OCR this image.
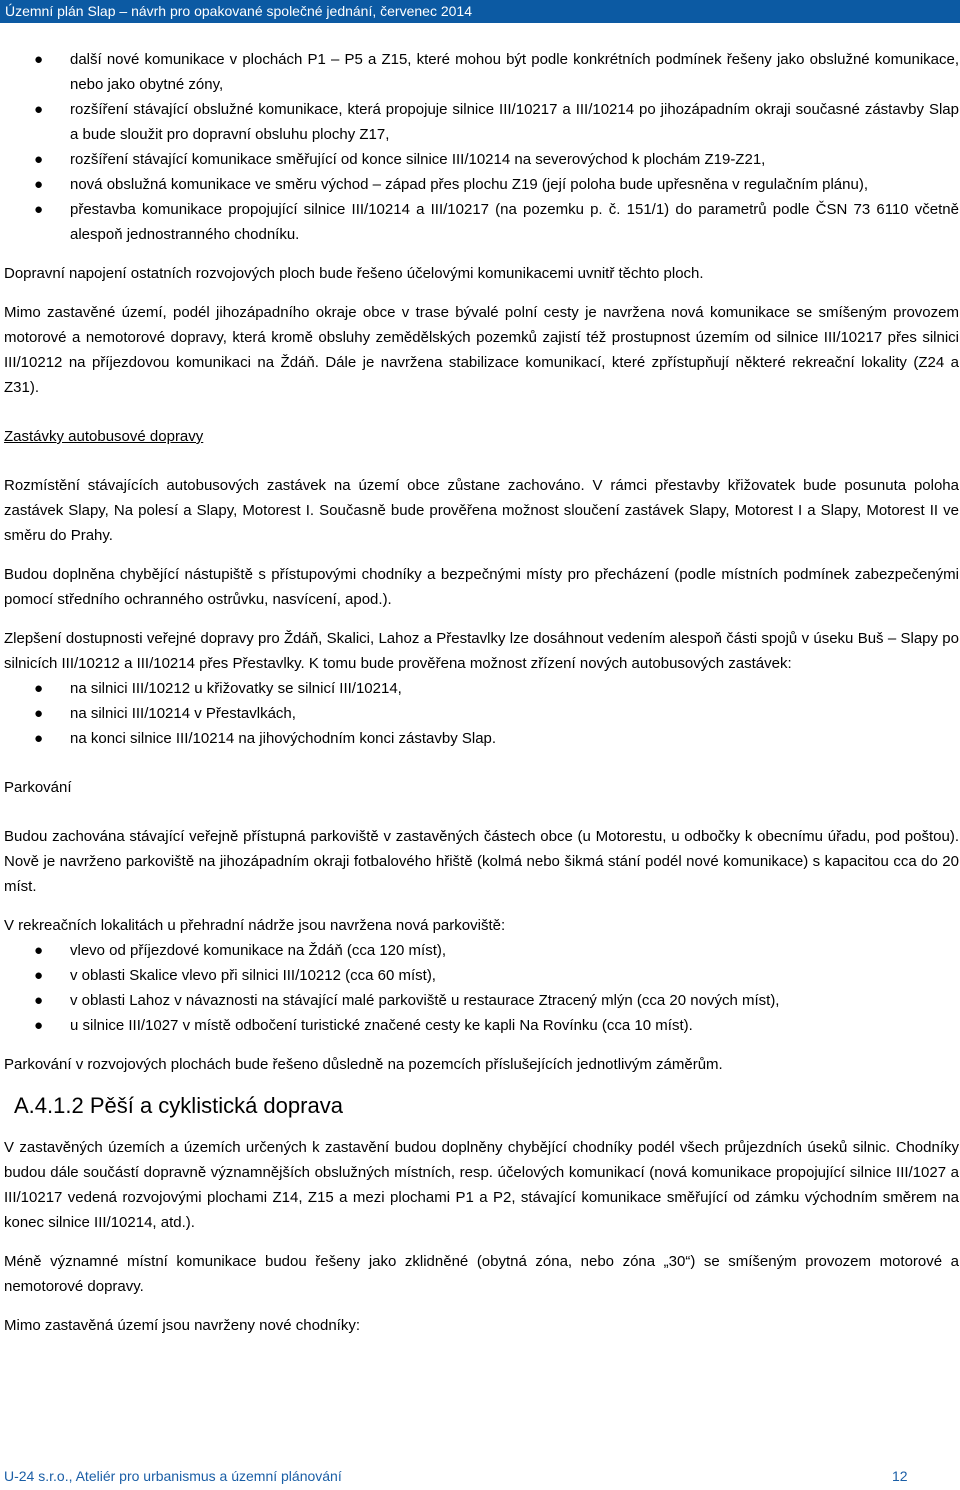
Územní plán Slap – návrh pro opakované společné jednání, červenec 2014
● další nové komunikace v plochách P1 – P5 a Z15, které mohou být podle konkrétních podmínek řešeny jako obslužné komunikace, nebo jako obytné zóny,
● rozšíření stávající obslužné komunikace, která propojuje silnice III/10217 a III/10214 po jihozápadním okraji současné zástavby Slap a bude sloužit pro dopravní obsluhu plochy Z17,
● rozšíření stávající komunikace směřující od konce silnice III/10214 na severovýchod k plochám Z19-Z21,
● nová obslužná komunikace ve směru východ – západ přes plochu Z19 (její poloha bude upřesněna v regulačním plánu),
● přestavba komunikace propojující silnice III/10214 a III/10217 (na pozemku p. č. 151/1) do parametrů podle ČSN 73 6110 včetně alespoň jednostranného chodníku.

Dopravní napojení ostatních rozvojových ploch bude řešeno účelovými komunikacemi uvnitř těchto ploch.

Mimo zastavěné území, podél jihozápadního okraje obce v trase bývalé polní cesty je navržena nová komunikace se smíšeným provozem motorové a nemotorové dopravy, která kromě obsluhy zemědělských pozemků zajistí též prostupnost územím od silnice III/10217 přes silnici III/10212 na příjezdovou komunikaci na Ždáň. Dále je navržena stabilizace komunikací, které zpřístupňují některé rekreační lokality (Z24 a Z31).

Zastávky autobusové dopravy

Rozmístění stávajících autobusových zastávek na území obce zůstane zachováno. V rámci přestavby křižovatek bude posunuta poloha zastávek Slapy, Na polesí a Slapy, Motorest I. Současně bude prověřena možnost sloučení zastávek Slapy, Motorest I a Slapy, Motorest II ve směru do Prahy.

Budou doplněna chybějící nástupiště s přístupovými chodníky a bezpečnými místy pro přecházení (podle místních podmínek zabezpečenými pomocí středního ochranného ostrůvku, nasvícení, apod.).

Zlepšení dostupnosti veřejné dopravy pro Ždáň, Skalici, Lahoz a Přestavlky lze dosáhnout vedením alespoň části spojů v úseku Buš – Slapy po silnicích III/10212 a III/10214 přes Přestavlky. K tomu bude prověřena možnost zřízení nových autobusových zastávek:

● na silnici III/10212 u křižovatky se silnicí III/10214,
● na silnici III/10214 v Přestavlkách,
● na konci silnice III/10214 na jihovýchodním konci zástavby Slap.
Parkování

Budou zachována stávající veřejně přístupná parkoviště v zastavěných částech obce (u Motorestu, u odbočky k obecnímu úřadu, pod poštou). Nově je navrženo parkoviště na jihozápadním okraji fotbalového hřiště (kolmá nebo šikmá stání podél nové komunikace) s kapacitou cca do 20 míst.

V rekreačních lokalitách u přehradní nádrže jsou navržena nová parkoviště:

● vlevo od příjezdové komunikace na Ždáň (cca 120 míst),
● v oblasti Skalice vlevo při silnici III/10212 (cca 60 míst),
● v oblasti Lahoz v návaznosti na stávající malé parkoviště u restaurace Ztracený mlýn (cca 20 nových míst),
● u silnice III/1027 v místě odbočení turistické značené cesty ke kapli Na Rovínku (cca 10 míst).

Parkování v rozvojových plochách bude řešeno důsledně na pozemcích příslušejících jednotlivým záměrům.

A.4.1.2 Pěší a cyklistická doprava

V zastavěných územích a územích určených k zastavění budou doplněny chybějící chodníky podél všech průjezdních úseků silnic. Chodníky budou dále součástí dopravně významnějších obslužných místních, resp. účelových komunikací (nová komunikace propojující silnice III/1027 a III/10217 vedená rozvojovými plochami Z14, Z15 a mezi plochami P1 a P2, stávající komunikace směřující od zámku východním směrem na konec silnice III/10214, atd.).

Méně významné místní komunikace budou řešeny jako zklidněné (obytná zóna, nebo zóna „30“) se smíšeným provozem motorové a nemotorové dopravy.

Mimo zastavěná území jsou navrženy nové chodníky:

U-24 s.r.o., Ateliér pro urbanismus a územní plánování	12
